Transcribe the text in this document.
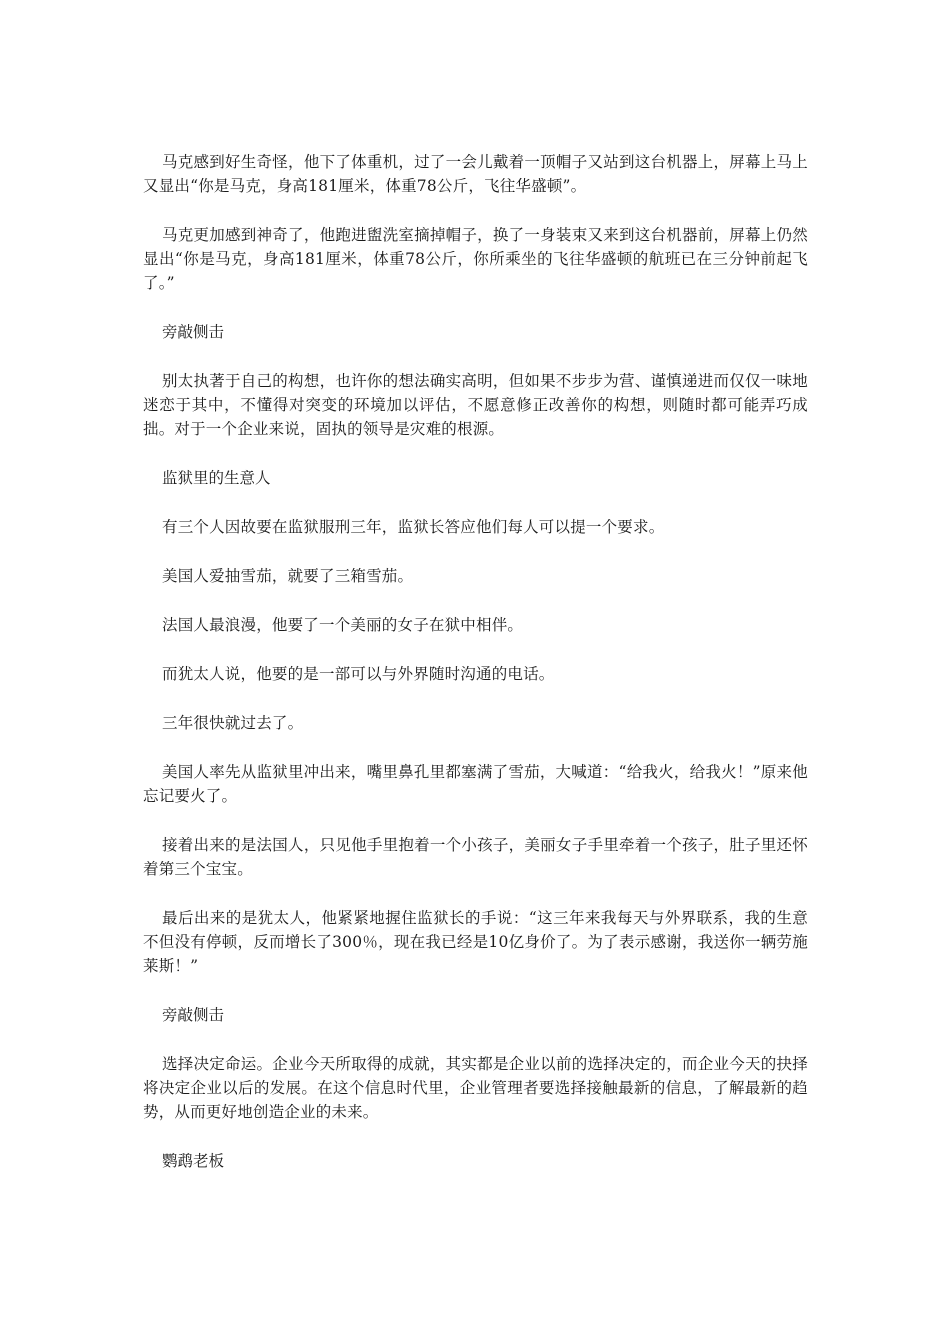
马克感到好生奇怪，他下了体重机，过了一会儿戴着一顶帽子又站到这台机器上，屏幕上马上又显出“你是马克，身高181厘米，体重78公斤，飞往华盛顿”。

马克更加感到神奇了，他跑进盥洗室摘掉帽子，换了一身装束又来到这台机器前，屏幕上仍然显出“你是马克，身高181厘米，体重78公斤，你所乘坐的飞往华盛顿的航班已在三分钟前起飞了。”

旁敲侧击

别太执著于自己的构想，也许你的想法确实高明，但如果不步步为营、谨慎递进而仅仅一味地迷恋于其中，不懂得对突变的环境加以评估，不愿意修正改善你的构想，则随时都可能弄巧成拙。对于一个企业来说，固执的领导是灾难的根源。

监狱里的生意人

有三个人因故要在监狱服刑三年，监狱长答应他们每人可以提一个要求。

美国人爱抽雪茄，就要了三箱雪茄。

法国人最浪漫，他要了一个美丽的女子在狱中相伴。

而犹太人说，他要的是一部可以与外界随时沟通的电话。

三年很快就过去了。

美国人率先从监狱里冲出来，嘴里鼻孔里都塞满了雪茄，大喊道：“给我火，给我火！”原来他忘记要火了。

接着出来的是法国人，只见他手里抱着一个小孩子，美丽女子手里牵着一个孩子，肚子里还怀着第三个宝宝。

最后出来的是犹太人，他紧紧地握住监狱长的手说：“这三年来我每天与外界联系，我的生意不但没有停顿，反而增长了300％，现在我已经是10亿身价了。为了表示感谢，我送你一辆劳施莱斯！”

旁敲侧击

选择决定命运。企业今天所取得的成就，其实都是企业以前的选择决定的，而企业今天的抉择将决定企业以后的发展。在这个信息时代里，企业管理者要选择接触最新的信息，了解最新的趋势，从而更好地创造企业的未来。

鹦鹉老板
